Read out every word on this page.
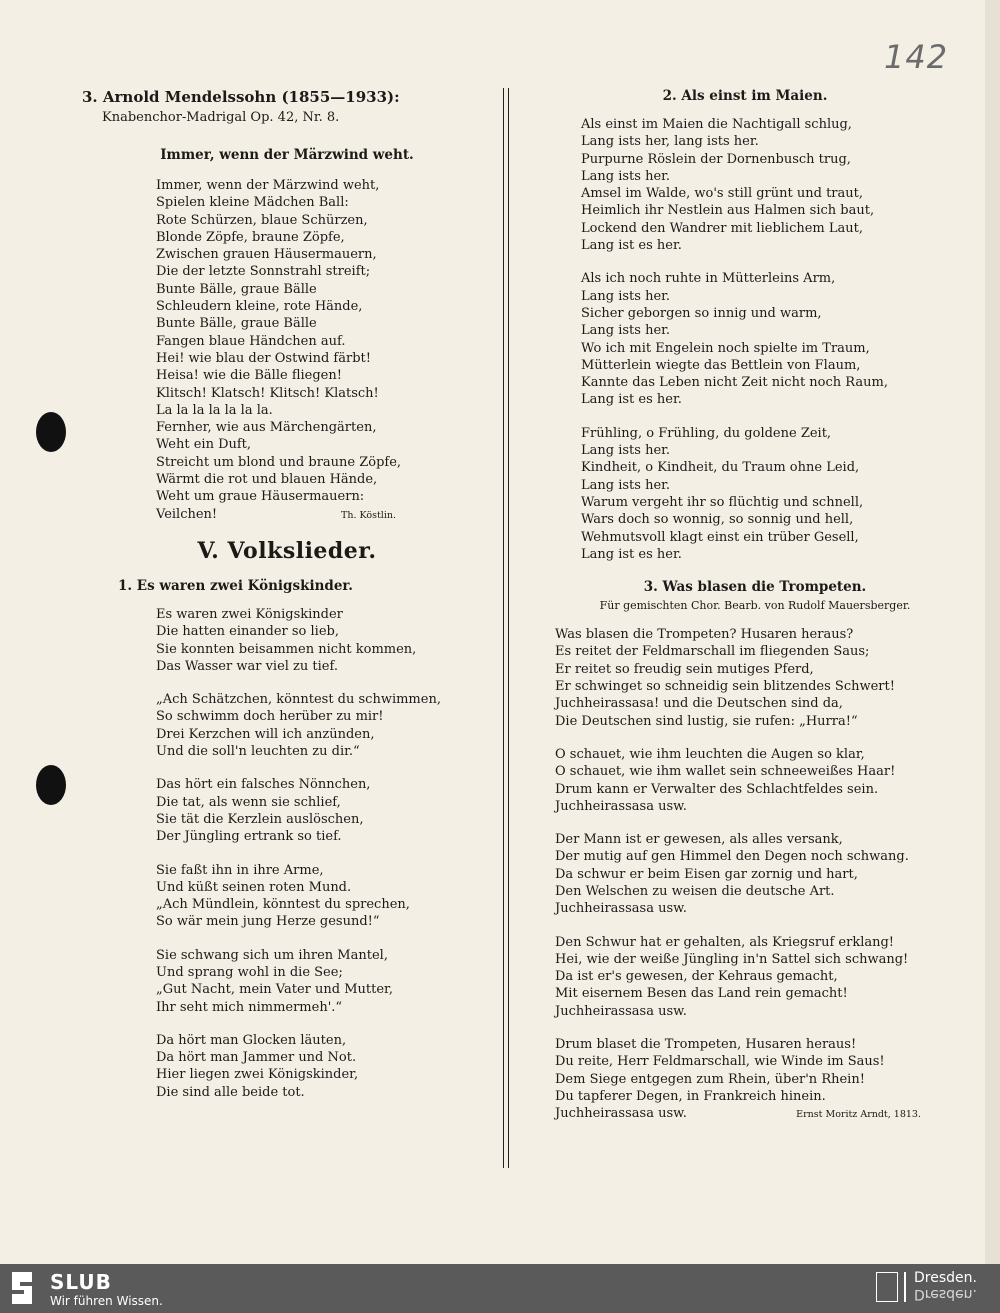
142

3. Arnold Mendelssohn (1855—1933):

Knabenchor-Madrigal Op. 42, Nr. 8.

Immer, wenn der Märzwind weht.

Immer, wenn der Märzwind weht,
Spielen kleine Mädchen Ball:
Rote Schürzen, blaue Schürzen,
Blonde Zöpfe, braune Zöpfe,
Zwischen grauen Häusermauern,
Die der letzte Sonnstrahl streift;
Bunte Bälle, graue Bälle
Schleudern kleine, rote Hände,
Bunte Bälle, graue Bälle
Fangen blaue Händchen auf.
Hei! wie blau der Ostwind färbt!
Heisa! wie die Bälle fliegen!
Klitsch! Klatsch! Klitsch! Klatsch!
La la la la la la la.
Fernher, wie aus Märchengärten,
Weht ein Duft,
Streicht um blond und braune Zöpfe,
Wärmt die rot und blauen Hände,
Weht um graue Häusermauern:
Veilchen!	Th. Köstlin.

V. Volkslieder.

1. Es waren zwei Königskinder.

Es waren zwei Königskinder
Die hatten einander so lieb,
Sie konnten beisammen nicht kommen,
Das Wasser war viel zu tief.
„Ach Schätzchen, könntest du schwimmen,
So schwimm doch herüber zu mir!
Drei Kerzchen will ich anzünden,
Und die soll'n leuchten zu dir.“
Das hört ein falsches Nönnchen,
Die tat, als wenn sie schlief,
Sie tät die Kerzlein auslöschen,
Der Jüngling ertrank so tief.
Sie faßt ihn in ihre Arme,
Und küßt seinen roten Mund.
„Ach Mündlein, könntest du sprechen,
So wär mein jung Herze gesund!“
Sie schwang sich um ihren Mantel,
Und sprang wohl in die See;
„Gut Nacht, mein Vater und Mutter,
Ihr seht mich nimmermeh'.“
Da hört man Glocken läuten,
Da hört man Jammer und Not.
Hier liegen zwei Königskinder,
Die sind alle beide tot.

2. Als einst im Maien.

Als einst im Maien die Nachtigall schlug,
Lang ists her, lang ists her.
Purpurne Röslein der Dornenbusch trug,
Lang ists her.
Amsel im Walde, wo's still grünt und traut,
Heimlich ihr Nestlein aus Halmen sich baut,
Lockend den Wandrer mit lieblichem Laut,
Lang ist es her.
Als ich noch ruhte in Mütterleins Arm,
Lang ists her.
Sicher geborgen so innig und warm,
Lang ists her.
Wo ich mit Engelein noch spielte im Traum,
Mütterlein wiegte das Bettlein von Flaum,
Kannte das Leben nicht Zeit nicht noch Raum,
Lang ist es her.
Frühling, o Frühling, du goldene Zeit,
Lang ists her.
Kindheit, o Kindheit, du Traum ohne Leid,
Lang ists her.
Warum vergeht ihr so flüchtig und schnell,
Wars doch so wonnig, so sonnig und hell,
Wehmutsvoll klagt einst ein trüber Gesell,
Lang ist es her.

3. Was blasen die Trompeten.

Für gemischten Chor. Bearb. von Rudolf Mauersberger.

Was blasen die Trompeten? Husaren heraus?
Es reitet der Feldmarschall im fliegenden Saus;
Er reitet so freudig sein mutiges Pferd,
Er schwinget so schneidig sein blitzendes Schwert!
Juchheirassasa! und die Deutschen sind da,
Die Deutschen sind lustig, sie rufen: „Hurra!“
O schauet, wie ihm leuchten die Augen so klar,
O schauet, wie ihm wallet sein schneeweißes Haar!
Drum kann er Verwalter des Schlachtfeldes sein.
Juchheirassasa usw.
Der Mann ist er gewesen, als alles versank,
Der mutig auf gen Himmel den Degen noch schwang.
Da schwur er beim Eisen gar zornig und hart,
Den Welschen zu weisen die deutsche Art.
Juchheirassasa usw.
Den Schwur hat er gehalten, als Kriegsruf erklang!
Hei, wie der weiße Jüngling in'n Sattel sich schwang!
Da ist er's gewesen, der Kehraus gemacht,
Mit eisernem Besen das Land rein gemacht!
Juchheirassasa usw.
Drum blaset die Trompeten, Husaren heraus!
Du reite, Herr Feldmarschall, wie Winde im Saus!
Dem Siege entgegen zum Rhein, über'n Rhein!
Du tapferer Degen, in Frankreich hinein.
Juchheirassasa usw.	Ernst Moritz Arndt, 1813.
SLUB
Wir führen Wissen.
Dresden.
Dresden.
